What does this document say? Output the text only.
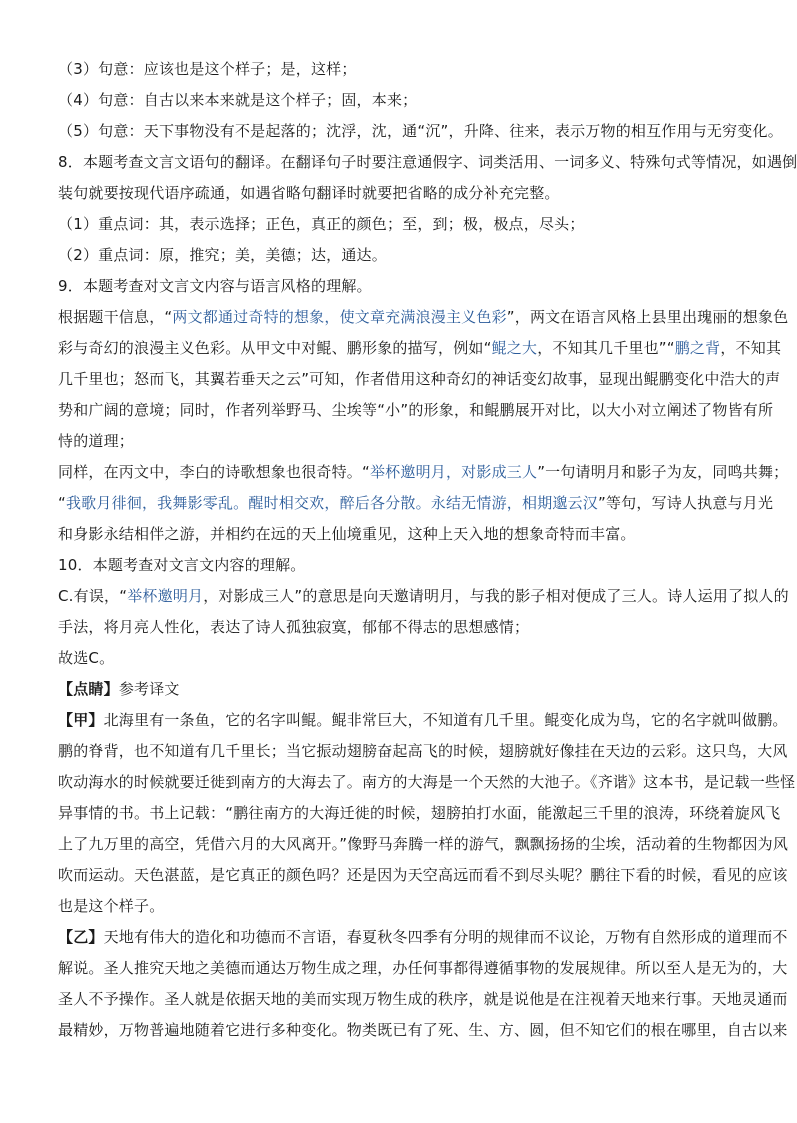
（3）句意：应该也是这个样子；是，这样；

（4）句意：自古以来本来就是这个样子；固，本来；

（5）句意：天下事物没有不是起落的；沈浮，沈，通“沉”，升降、往来，表示万物的相互作用与无穷变化。

8．本题考查文言文语句的翻译。在翻译句子时要注意通假字、词类活用、一词多义、特殊句式等情况，如遇倒

装句就要按现代语序疏通，如遇省略句翻译时就要把省略的成分补充完整。

（1）重点词：其，表示选择；正色，真正的颜色；至，到；极，极点，尽头；

（2）重点词：原，推究；美，美德；达，通达。

9．本题考查对文言文内容与语言风格的理解。

根据题干信息，“两文都通过奇特的想象，使文章充满浪漫主义色彩”，两文在语言风格上县里出瑰丽的想象色

彩与奇幻的浪漫主义色彩。从甲文中对鲲、鹏形象的描写，例如“鲲之大，不知其几千里也”“鹏之背，不知其

几千里也；怒而飞，其翼若垂天之云”可知，作者借用这种奇幻的神话变幻故事，显现出鲲鹏变化中浩大的声

势和广阔的意境；同时，作者列举野马、尘埃等“小”的形象，和鲲鹏展开对比，以大小对立阐述了物皆有所

恃的道理；

同样，在丙文中，李白的诗歌想象也很奇特。“举杯邀明月，对影成三人”一句请明月和影子为友，同鸣共舞；

“我歌月徘徊，我舞影零乱。醒时相交欢，醉后各分散。永结无情游，相期邈云汉”等句，写诗人执意与月光

和身影永结相伴之游，并相约在远的天上仙境重见，这种上天入地的想象奇特而丰富。

10．本题考查对文言文内容的理解。

C.有误，“举杯邀明月，对影成三人”的意思是向天邀请明月，与我的影子相对便成了三人。诗人运用了拟人的

手法，将月亮人性化，表达了诗人孤独寂寞，郁郁不得志的思想感情；

故选C。

【点睛】参考译文

【甲】北海里有一条鱼，它的名字叫鲲。鲲非常巨大，不知道有几千里。鲲变化成为鸟，它的名字就叫做鹏。

鹏的脊背，也不知道有几千里长；当它振动翅膀奋起高飞的时候，翅膀就好像挂在天边的云彩。这只鸟，大风

吹动海水的时候就要迁徙到南方的大海去了。南方的大海是一个天然的大池子。《齐谐》这本书，是记载一些怪

异事情的书。书上记载：“鹏往南方的大海迁徙的时候，翅膀拍打水面，能激起三千里的浪涛，环绕着旋风飞

上了九万里的高空，凭借六月的大风离开。”像野马奔腾一样的游气，飘飘扬扬的尘埃，活动着的生物都因为风

吹而运动。天色湛蓝，是它真正的颜色吗？还是因为天空高远而看不到尽头呢？鹏往下看的时候，看见的应该

也是这个样子。

【乙】天地有伟大的造化和功德而不言语，春夏秋冬四季有分明的规律而不议论，万物有自然形成的道理而不

解说。圣人推究天地之美德而通达万物生成之理，办任何事都得遵循事物的发展规律。所以至人是无为的，大

圣人不予操作。圣人就是依据天地的美而实现万物生成的秩序，就是说他是在注视着天地来行事。天地灵通而

最精妙，万物普遍地随着它进行多种变化。物类既已有了死、生、方、圆，但不知它们的根在哪里，自古以来
